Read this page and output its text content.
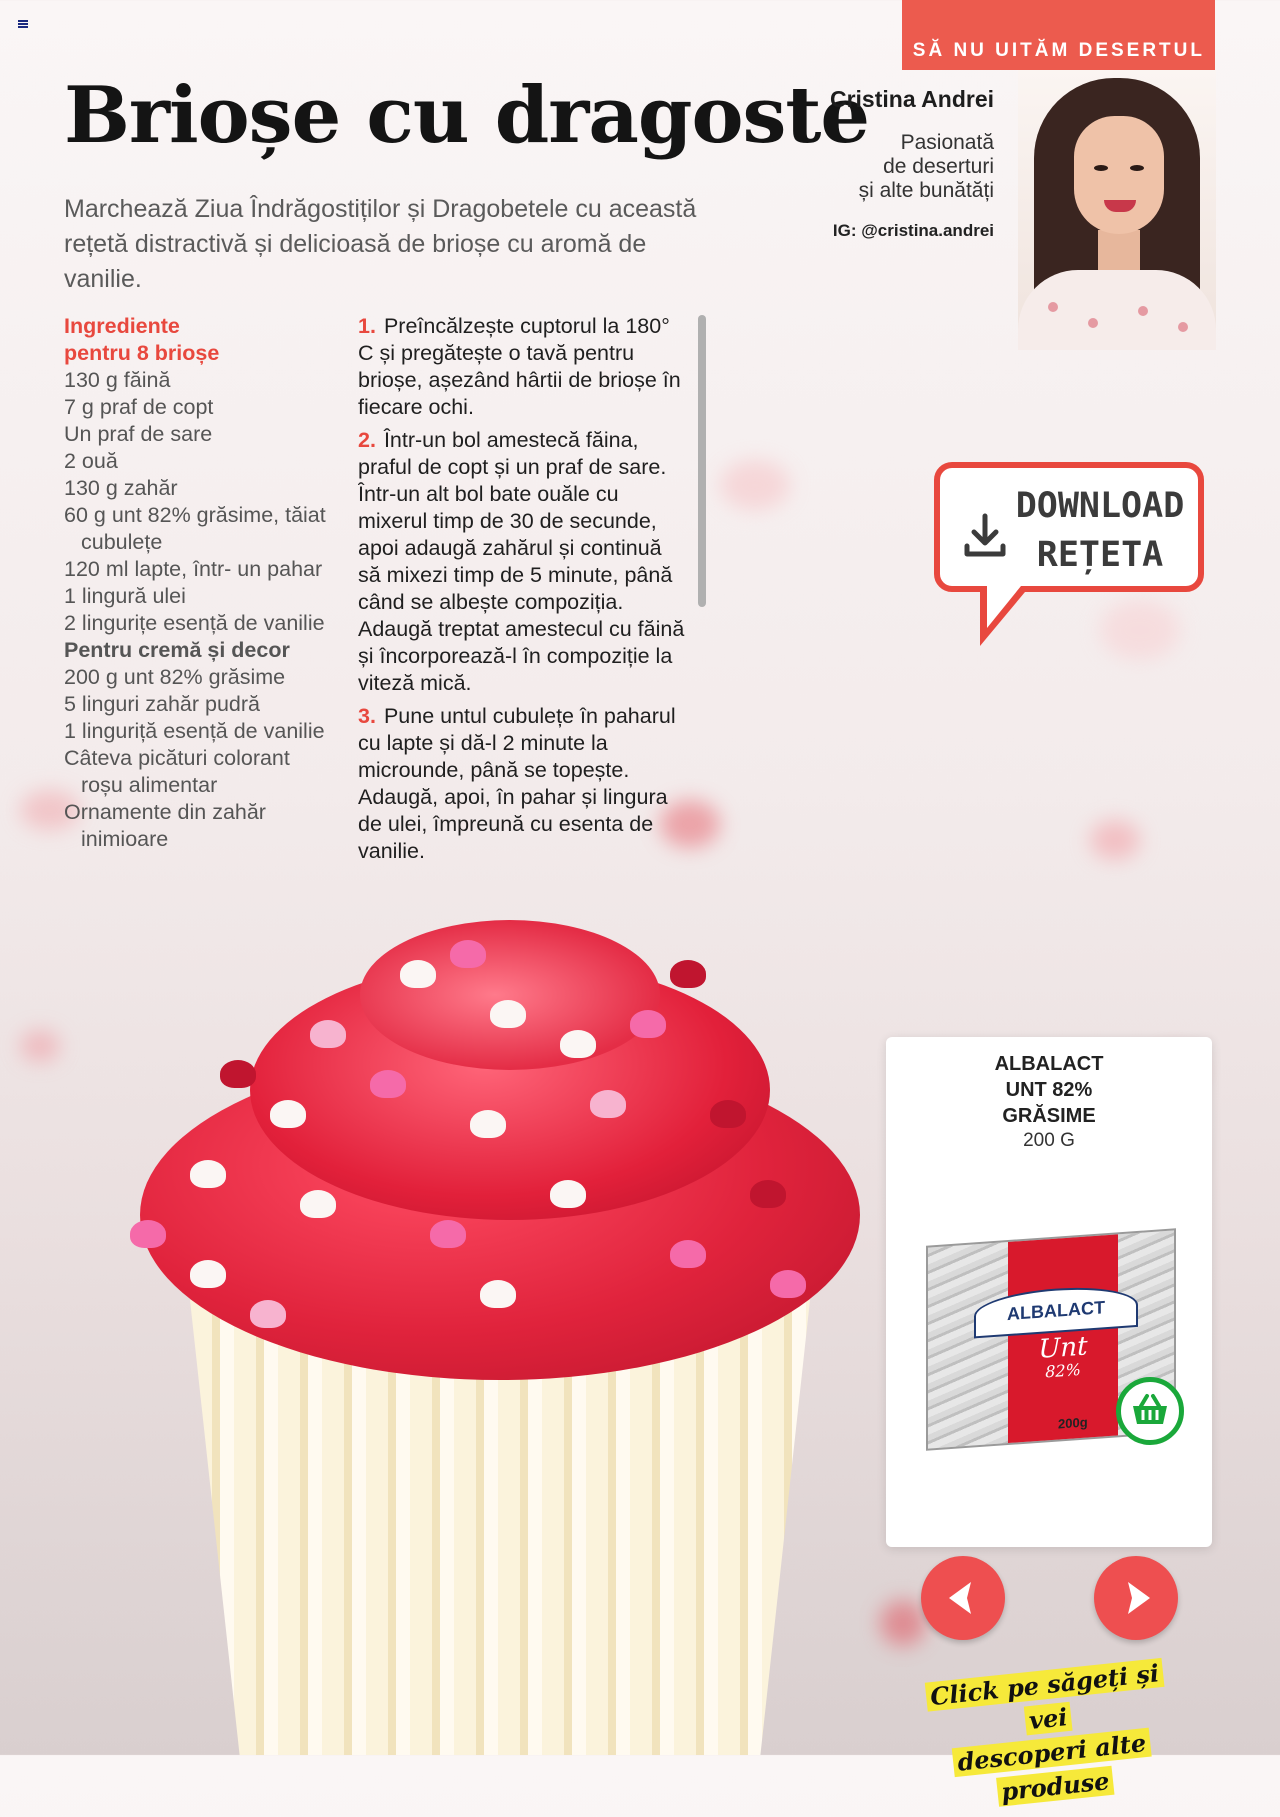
SĂ NU UITĂM DESERTUL
Brioșe cu dragoste

Marchează Ziua Îndrăgostiților și Dragobetele cu această rețetă distractivă și delicioasă de brioșe cu aromă de vanilie.

Cristina Andrei
Pasionată
de deserturi
și alte bunătăți
IG: @cristina.andrei
Ingrediente
pentru 8 brioșe
130 g făină
7 g praf de copt
Un praf de sare
2 ouă
130 g zahăr
60 g unt 82% grăsime, tăiat cubulețe
120 ml lapte, într- un pahar
1 lingură ulei
2 lingurițe esență de vanilie
Pentru cremă și decor
200 g unt 82% grăsime
5 linguri zahăr pudră
1 linguriță esență de vanilie
Câteva picături colorant roșu alimentar
Ornamente din zahăr inimioare
1. Preîncălzește cuptorul la 180° C și pregătește o tavă pentru brioșe, așezând hârtii de brioșe în fiecare ochi.
2. Într-un bol amestecă făina, praful de copt și un praf de sare. Într-un alt bol bate ouăle cu mixerul timp de 30 de secunde, apoi adaugă zahărul și continuă să mixezi timp de 5 minute, până când se albește compoziția. Adaugă treptat amestecul cu făină și încorporează-l în compoziție la viteză mică.
3. Pune untul cubulețe în paharul cu lapte și dă-l 2 minute la microunde, până se topește. Adaugă, apoi, în pahar și lingura de ulei, împreună cu esenta de vanilie.
DOWNLOAD
REȚETA
ALBALACT
UNT 82%
GRĂSIME
200 G
ALBALACT
Unt
82%
200g
Click pe săgeți și vei
descoperi alte produse
